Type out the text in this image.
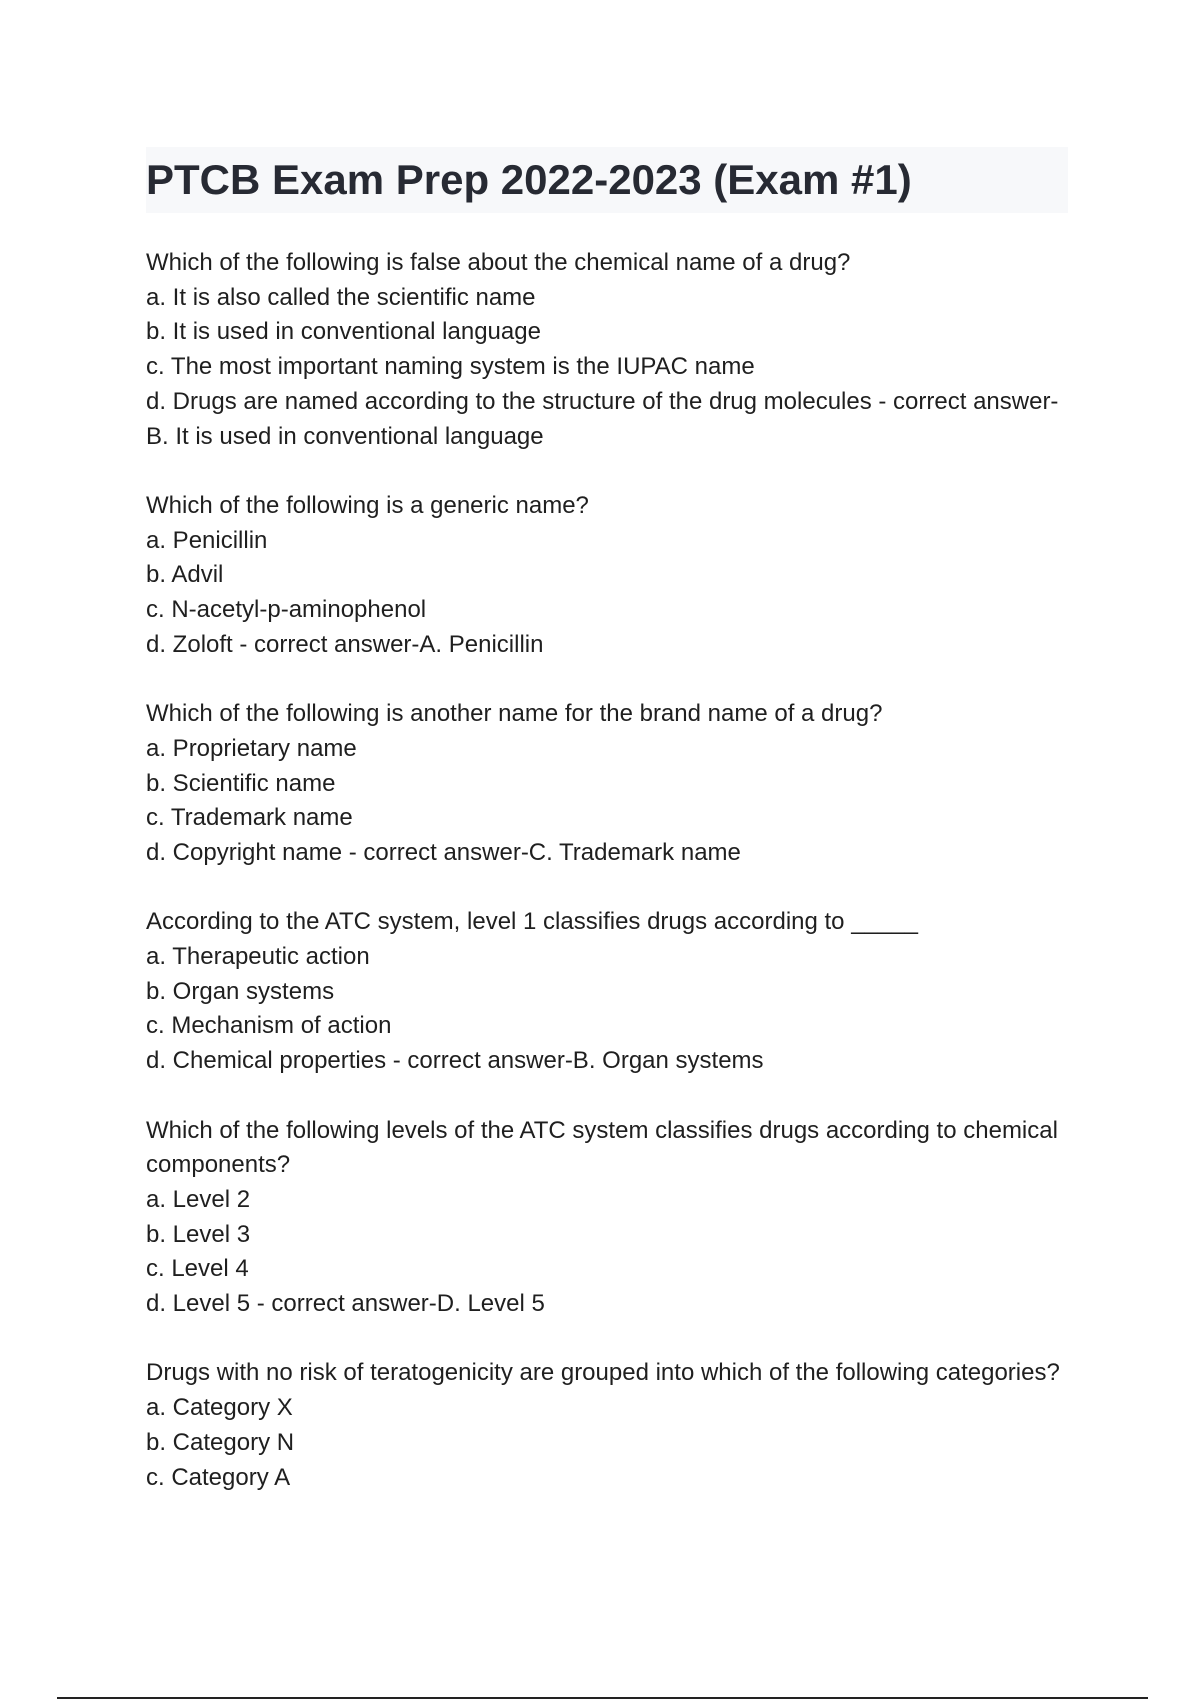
PTCB Exam Prep 2022-2023 (Exam #1)
Which of the following is false about the chemical name of a drug?
a. It is also called the scientific name
b. It is used in conventional language
c. The most important naming system is the IUPAC name
d. Drugs are named according to the structure of the drug molecules - correct answer-B. It is used in conventional language
Which of the following is a generic name?
a. Penicillin
b. Advil
c. N-acetyl-p-aminophenol
d. Zoloft - correct answer-A. Penicillin
Which of the following is another name for the brand name of a drug?
a. Proprietary name
b. Scientific name
c. Trademark name
d. Copyright name - correct answer-C. Trademark name
According to the ATC system, level 1 classifies drugs according to _____
a. Therapeutic action
b. Organ systems
c. Mechanism of action
d. Chemical properties - correct answer-B. Organ systems
Which of the following levels of the ATC system classifies drugs according to chemical components?
a. Level 2
b. Level 3
c. Level 4
d. Level 5 - correct answer-D. Level 5
Drugs with no risk of teratogenicity are grouped into which of the following categories?
a. Category X
b. Category N
c. Category A
